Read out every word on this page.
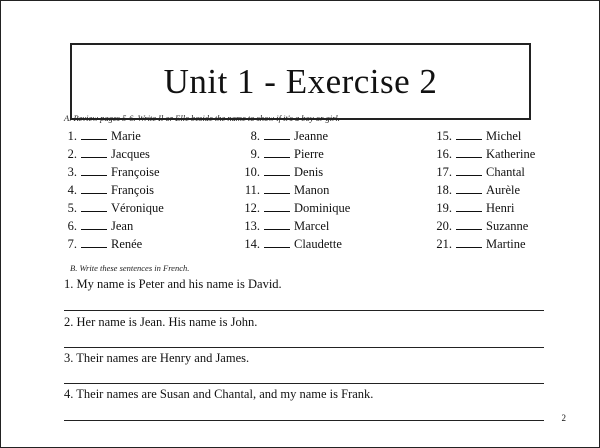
Unit 1 - Exercise 2
A. Review pages 5-6. Write Il or Elle beside the name to show if it's a boy or girl.
1.	Marie
2.	Jacques
3.	Françoise
4.	François
5.	Véronique
6.	Jean
7.	Renée
8.	Jeanne
9.	Pierre
10.	Denis
11.	Manon
12.	Dominique
13.	Marcel
14.	Claudette
15.	Michel
16.	Katherine
17.	Chantal
18.	Aurèle
19.	Henri
20.	Suzanne
21.	Martine
B. Write these sentences in French.
1. My name is Peter and his name is David.
2. Her name is Jean. His name is John.
3. Their names are Henry and James.
4. Their names are Susan and Chantal, and my name is Frank.
2
